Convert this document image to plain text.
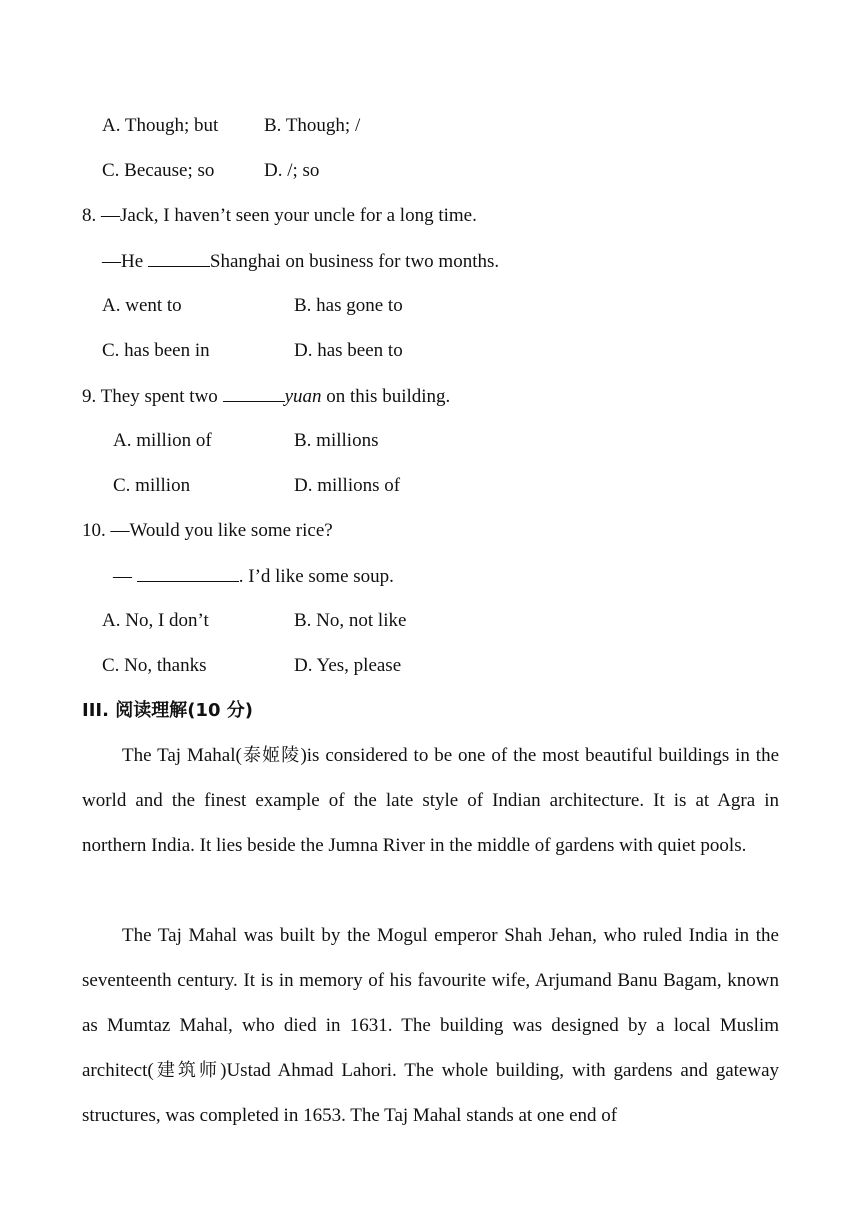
A. Though; but B. Though; /
C. Because; so	D. /; so
8. —Jack, I haven’t seen your uncle for a long time.
—He	Shanghai on business for two months.
A. went to	B. has gone to
C. has been in	D. has been to
9. They spent two	yuan on this building.
A. million of	B. millions
C. million	D. millions of
10. —Would you like some rice?
—	. I’d like some soup.
A. No, I don’t	B. No, not like
C. No, thanks	D. Yes, please
III. 阅读理解(10 分)
The Taj Mahal(泰姬陵)is considered to be one of the most beautiful buildings in the world and the finest example of the late style of Indian architecture. It is at Agra in northern India. It lies beside the Jumna River in the middle of gardens with quiet pools.
The Taj Mahal was built by the Mogul emperor Shah Jehan, who ruled India in the seventeenth century. It is in memory of his favourite wife, Arjumand Banu Bagam, known as Mumtaz Mahal, who died in 1631. The building was designed by a local Muslim architect(建筑师)Ustad Ahmad Lahori. The whole building, with gardens and gateway structures, was completed in 1653. The Taj Mahal stands at one end of
